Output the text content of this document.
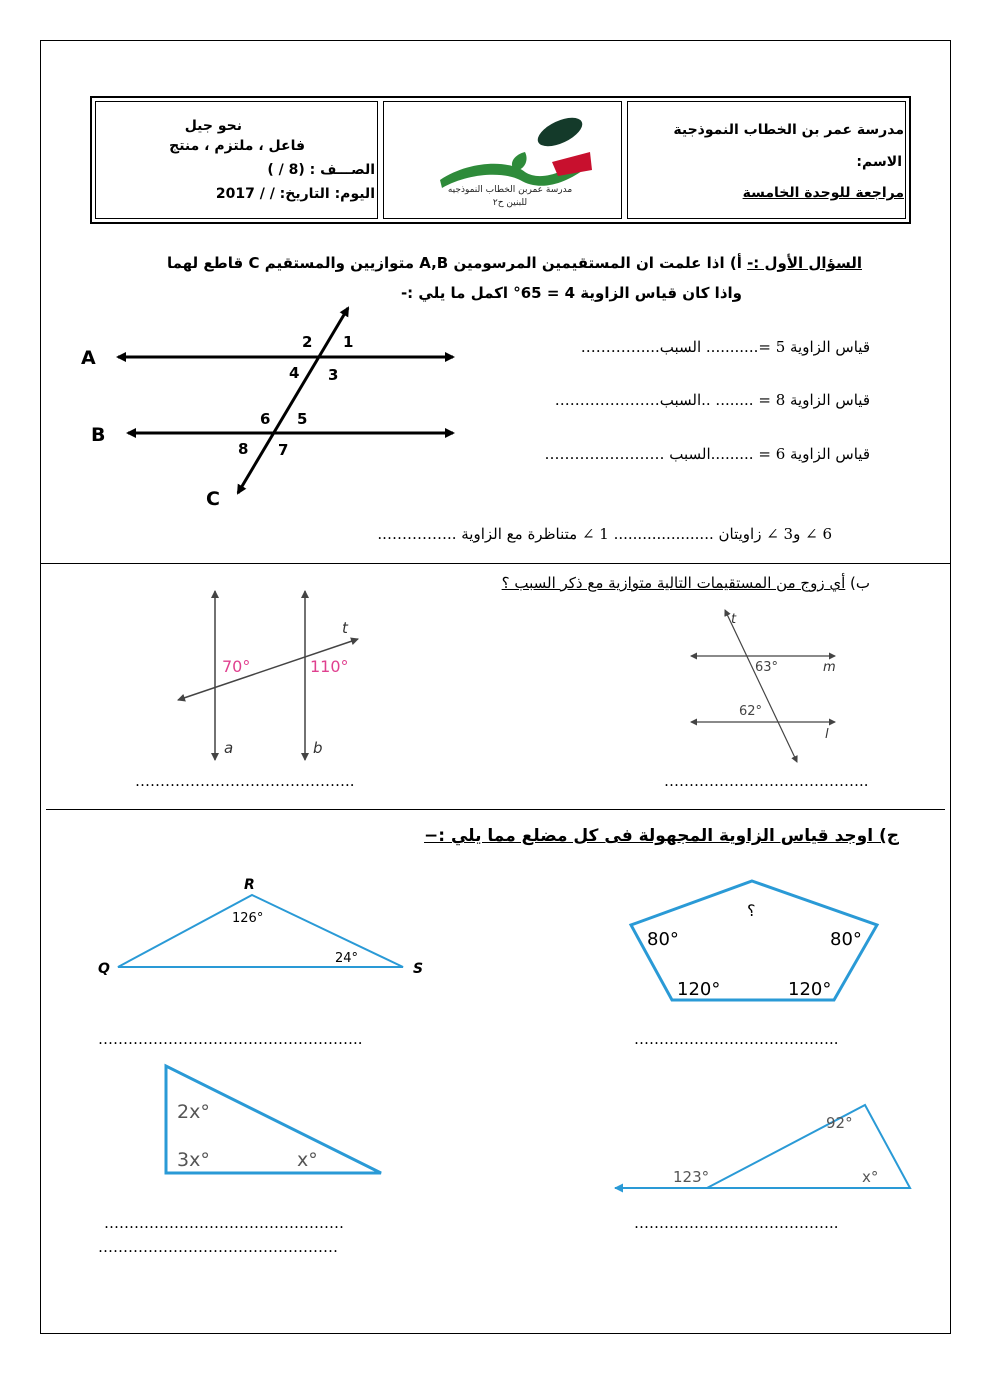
مدرسة عمر بن الخطاب النموذجية
الاسم:
مراجعة للوحدة الخامسة
نحو جيل
فاعل ، ملتزم ، منتج
الصـــف : (8 / )
اليوم: التاريخ: / / 2017	مدرسة عمربن الخطاب النموذجيه
للبنين ح٢
السؤال الأول :- أ) اذا علمت ان المستقيمين المرسومين A,B متوازيين والمستقيم C قاطع لهما
واذا كان قياس الزاوية 4 = 65° اكمل ما يلي :-
A
B
C
1
2
3
4
5
6
7
8
قياس الزاوية 5 =........... السبب....…………
قياس الزاوية 8 = ........ ..السبب…………………
قياس الزاوية 6 = .........السبب ……………………
6 ∠ و3 ∠ زاويتان ..................... 1 ∠ متناظرة مع الزاوية ..…………..
ب) أي زوج من المستقيمات التالية متوازية مع ذكر السبب ؟
70°	110°
t
a	b
63°
62°
t
m
l
……………………………………..	…………………………………..
ج) اوجد قياس الزاوية المجهولة فى كل مضلع مما يلي :−
R
Q	S
126°
24°
؟
80°	80°
120°	120°
……………………………………………..	…………………………………..
2x°
3x°	x°
92°
123°	x°
…………………………………………	…………………………………..
…………………………………………
